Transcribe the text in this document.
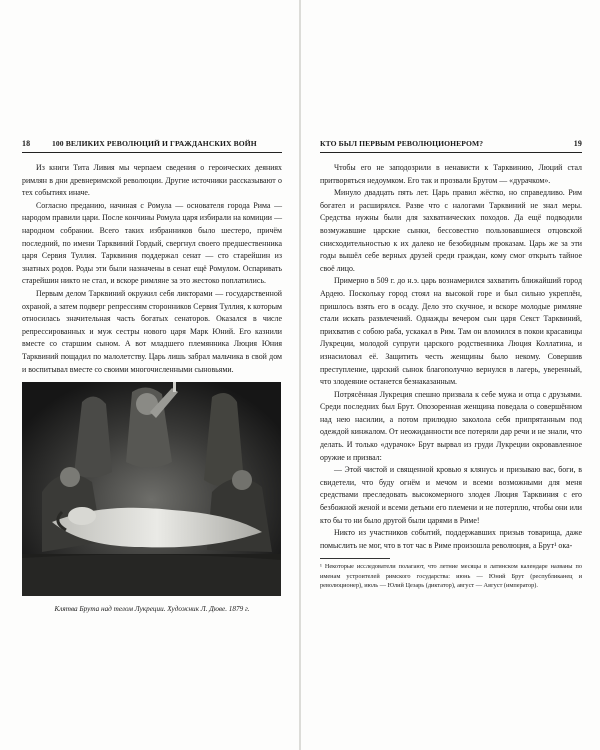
18	100 ВЕЛИКИХ РЕВОЛЮЦИЙ И ГРАЖДАНСКИХ ВОЙН

Из книги Тита Ливия мы черпаем сведения о героических деяниях римлян в дни древнеримской революции. Другие источники рассказывают о тех событиях иначе.

Согласно преданию, начиная с Ромула — основателя города Рима — народом правили цари. После кончины Ромула царя избирали на комиции — народном собрании. Всего таких избранников было шестеро, причём последний, по имени Тарквиний Гордый, свергнул своего предшественника царя Сервия Туллия. Тарквиния поддержал сенат — сто старейшин из знатных родов. Роды эти были назначены в сенат ещё Ромулом. Оспаривать старейшин никто не стал, и вскоре римляне за это жестоко поплатились.

Первым делом Тарквиний окружил себя ликторами — государственной охраной, а затем подверг репрессиям сторонников Сервия Туллия, к которым относилась значительная часть богатых сенаторов. Оказался в числе репрессированных и муж сестры нового царя Марк Юний. Его казнили вместе со старшим сыном. А вот младшего племянника Люция Юния Тарквиний пощадил по малолетству. Царь лишь забрал мальчика в свой дом и воспитывал вместе со своими многочисленными сыновьями.

Клятва Брута над телом Лукреции. Художник Л. Дюве. 1879 г.
КТО БЫЛ ПЕРВЫМ РЕВОЛЮЦИОНЕРОМ?	19

Чтобы его не заподозрили в ненависти к Тарквинию, Люций стал притворяться недоумком. Его так и прозвали Брутом — «дурачком».

Минуло двадцать пять лет. Царь правил жёстко, но справедливо. Рим богател и расширялся. Разве что с налогами Тарквиний не знал меры. Средства нужны были для захватнических походов. Да ещё подводили возмужавшие царские сынки, бессовестно пользовавшиеся отцовской снисходительностью к их далеко не безобидным проказам. Царь же за эти годы вышёл себе верных друзей среди граждан, кому смог открыть тайное своё лицо.

Примерно в 509 г. до н.э. царь вознамерился захватить ближайший город Ардею. Поскольку город стоял на высокой горе и был сильно укреплён, пришлось взять его в осаду. Дело это скучное, и вскоре молодые римляне стали искать развлечений. Однажды вечером сын царя Секст Тарквиний, прихватив с собою раба, ускакал в Рим. Там он вломился в покои красавицы Лукреции, молодой супруги царского родственника Люция Коллатина, и изнасиловал её. Защитить честь женщины было некому. Совершив преступление, царский сынок благополучно вернулся в лагерь, уверенный, что злодеяние останется безнаказанным.

Потрясённая Лукреция спешно призвала к себе мужа и отца с друзьями. Среди последних был Брут. Опозоренная женщина поведала о совершённом над нею насилии, а потом прилюдно заколола себя припрятанным под одеждой кинжалом. От неожиданности все потеряли дар речи и не знали, что делать. И только «дурачок» Брут вырвал из груди Лукреции окровавленное оружие и призвал:

— Этой чистой и священной кровью я клянусь и призываю вас, боги, в свидетели, что буду огнём и мечом и всеми возможными для меня средствами преследовать высокомерного злодея Люция Тарквиния с его безбожной женой и всеми детьми его племени и не потерплю, чтобы они или кто бы то ни было другой были царями в Риме!

Никто из участников событий, поддержавших призыв товарища, даже помыслить не мог, что в тот час в Риме произошла революция, а Брут¹ ока-

¹ Некоторые исследователи полагают, что летние месяцы в латинском календаре названы по именам устроителей римского государства: июнь — Юний Брут (республиканец и революционер), июль — Юлий Цезарь (диктатор), август — Август (император).
